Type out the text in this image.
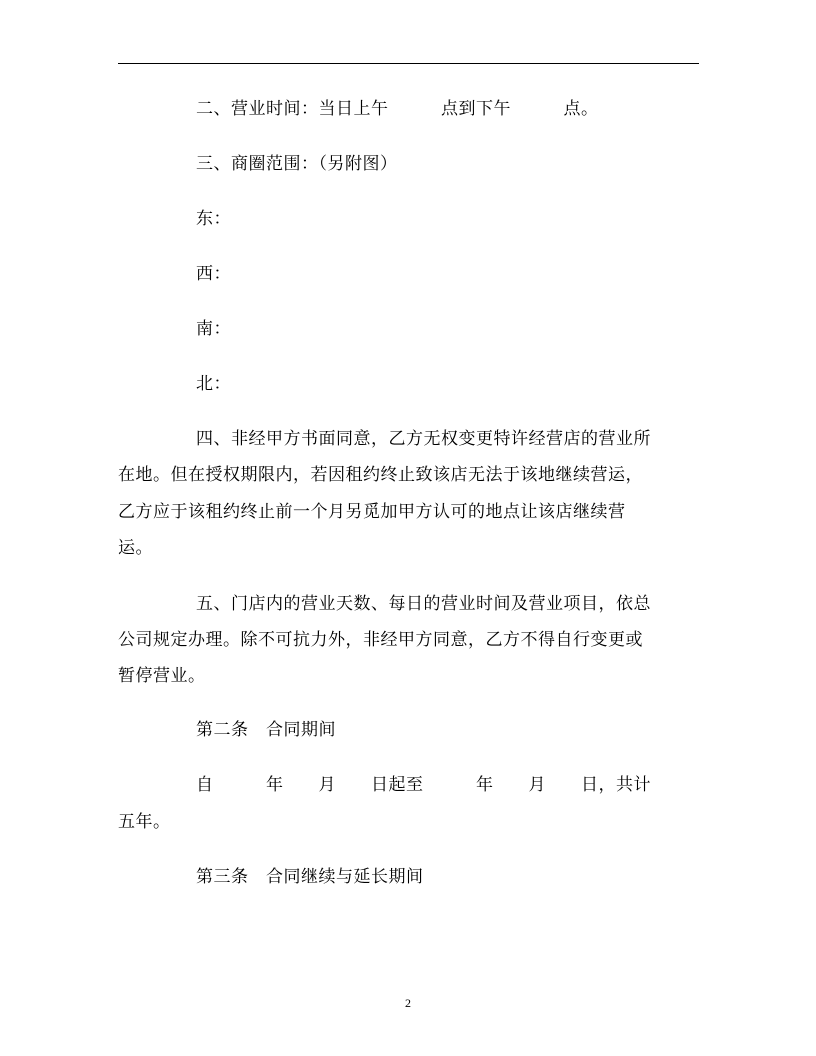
二、营业时间：当日上午　　　点到下午　　　点。
三、商圈范围：（另附图）
东：
西：
南：
北：
四、非经甲方书面同意，乙方无权变更特许经营店的营业所
在地。但在授权期限内，若因租约终止致该店无法于该地继续营运，
乙方应于该租约终止前一个月另觅加甲方认可的地点让该店继续营
运。
五、门店内的营业天数、每日的营业时间及营业项目，依总
公司规定办理。除不可抗力外，非经甲方同意，乙方不得自行变更或
暂停营业。
第二条　合同期间
自　　　年　　月　　日起至　　　年　　月　　日，共计
五年。
第三条　合同继续与延长期间
2
